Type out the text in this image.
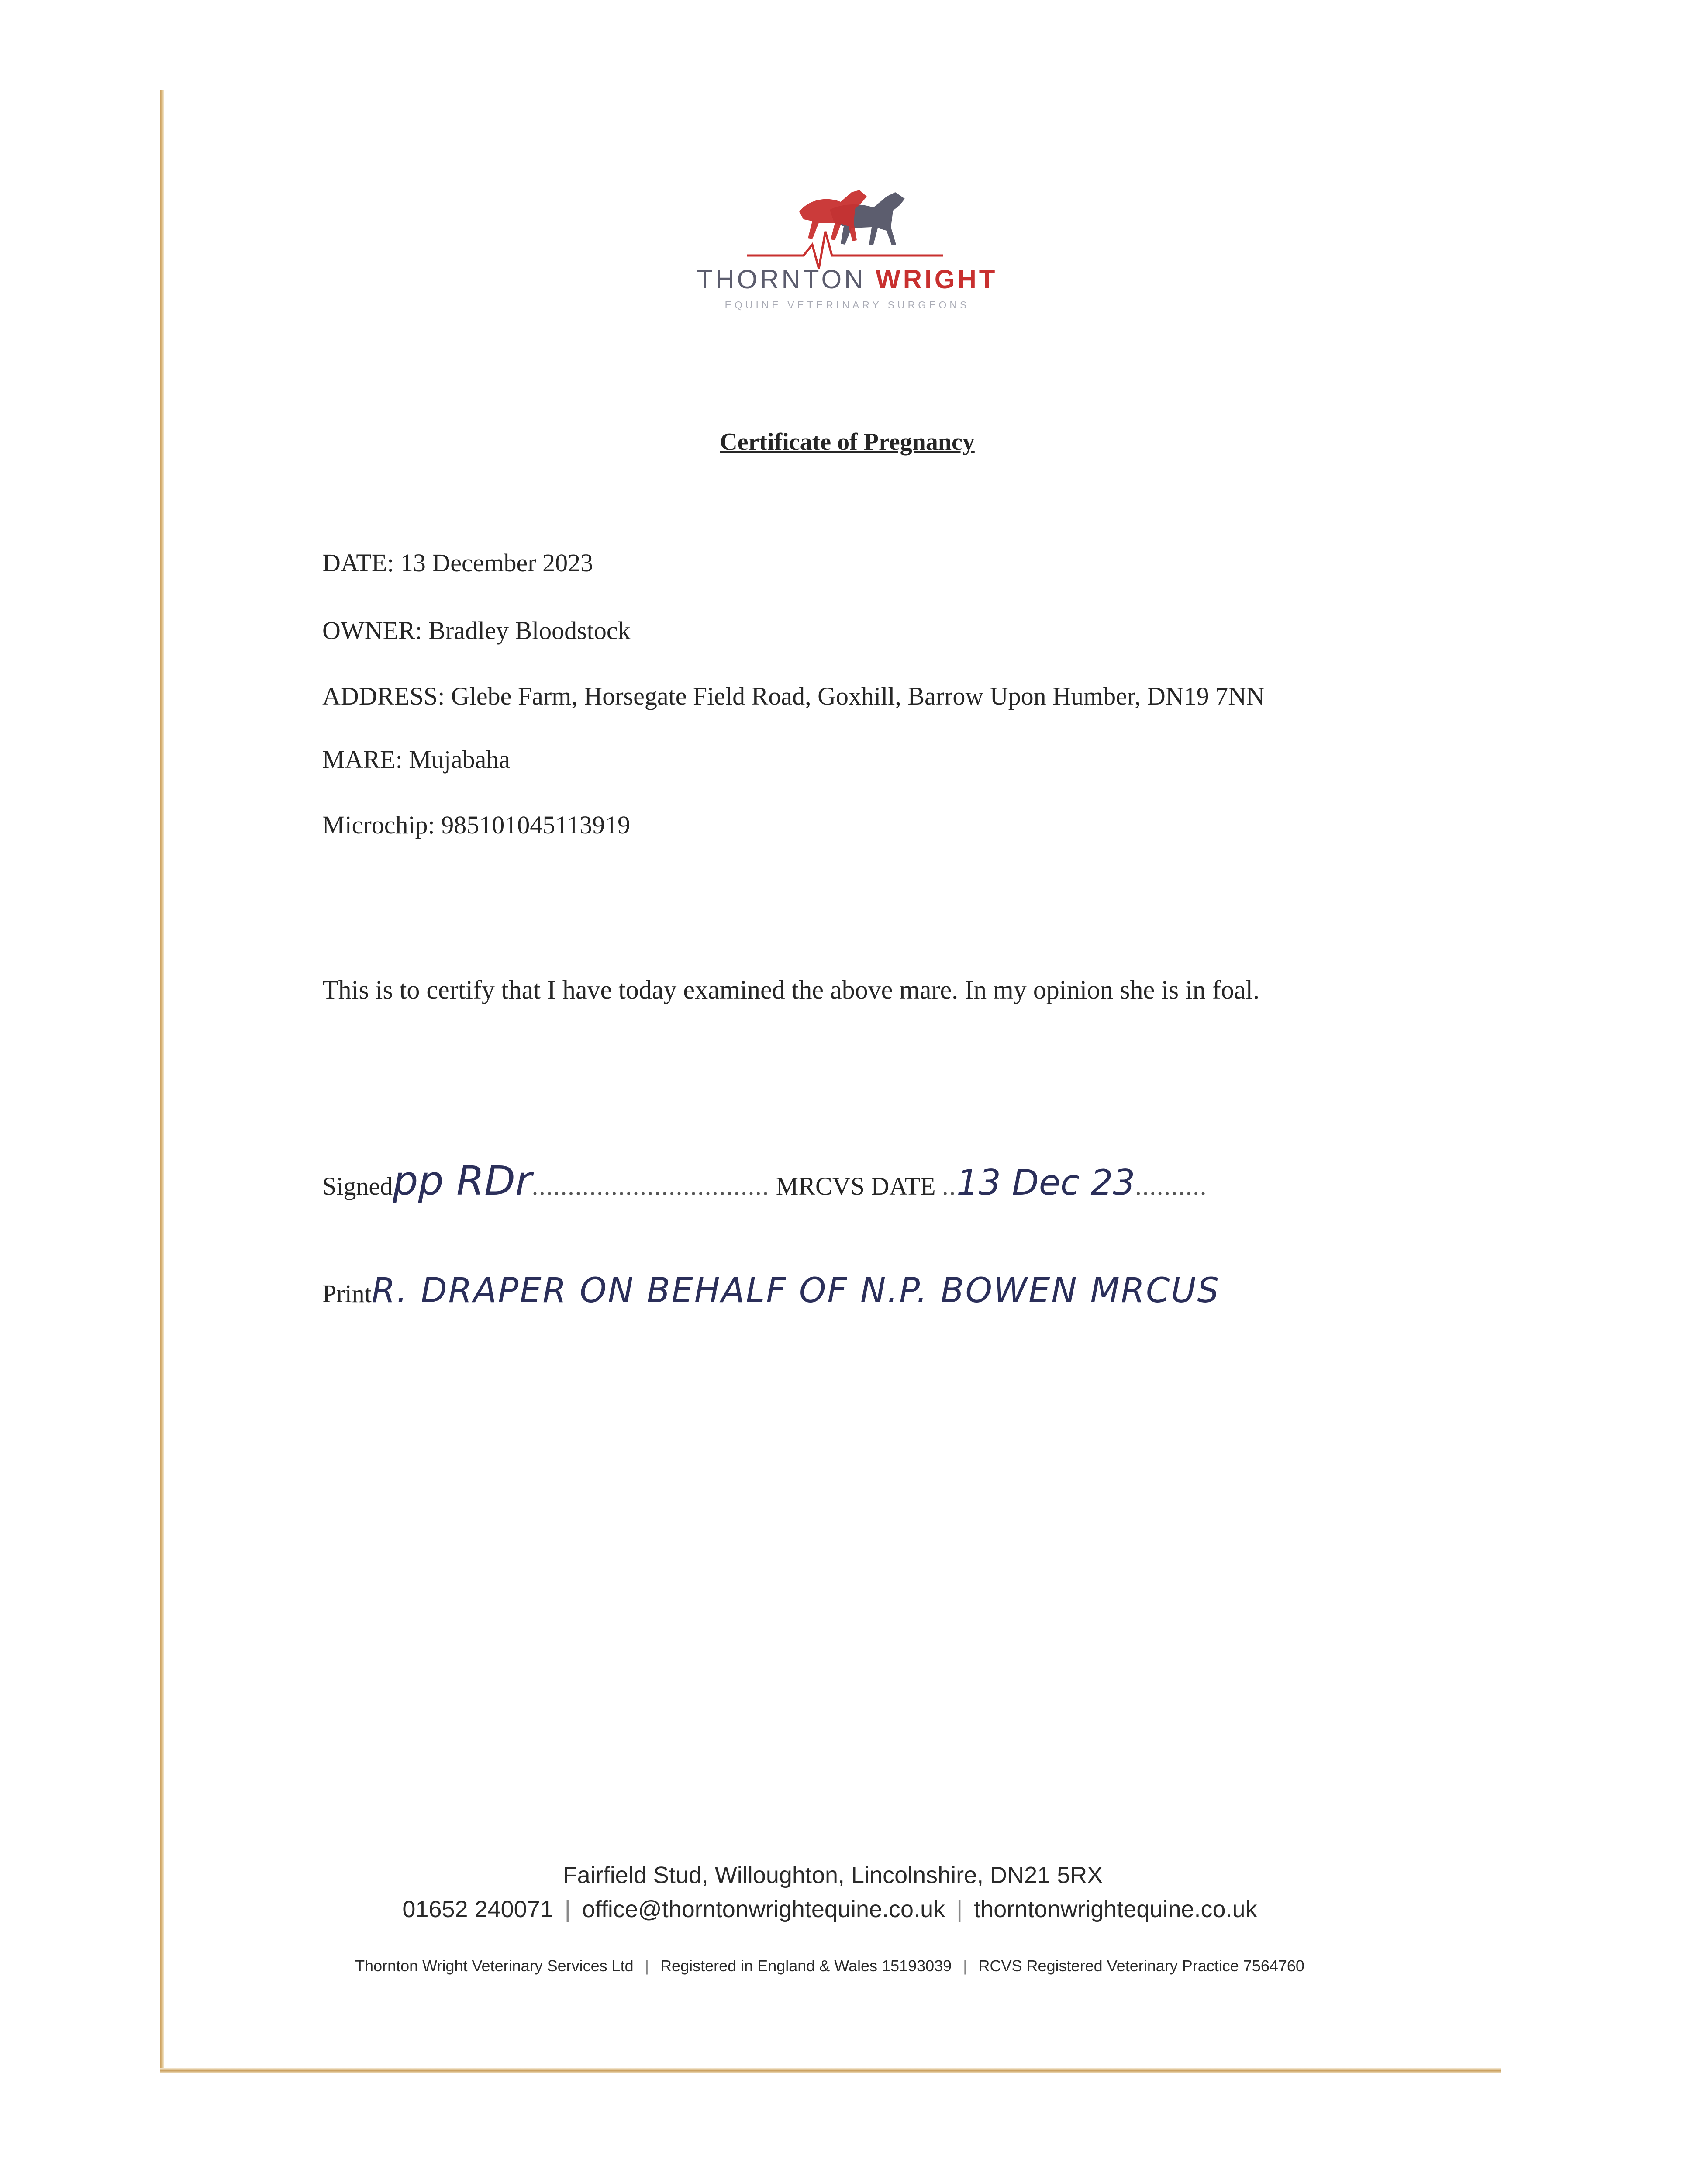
THORNTON WRIGHT
EQUINE VETERINARY SURGEONS
Certificate of Pregnancy
DATE: 13 December 2023
OWNER: Bradley Bloodstock
ADDRESS: Glebe Farm, Horsegate Field Road, Goxhill, Barrow Upon Humber, DN19 7NN
MARE: Mujabaha
Microchip: 985101045113919
This is to certify that I have today examined the above mare. In my opinion she is in foal.
Signedpp RDr................................. MRCVS DATE ..13 Dec 23..........
PrintR. DRAPER ON BEHALF OF N.P. BOWEN MRCUS
Fairfield Stud, Willoughton, Lincolnshire, DN21 5RX
01652 240071 | office@thorntonwrightequine.co.uk | thorntonwrightequine.co.uk
Thornton Wright Veterinary Services Ltd | Registered in England & Wales 15193039 | RCVS Registered Veterinary Practice 7564760
